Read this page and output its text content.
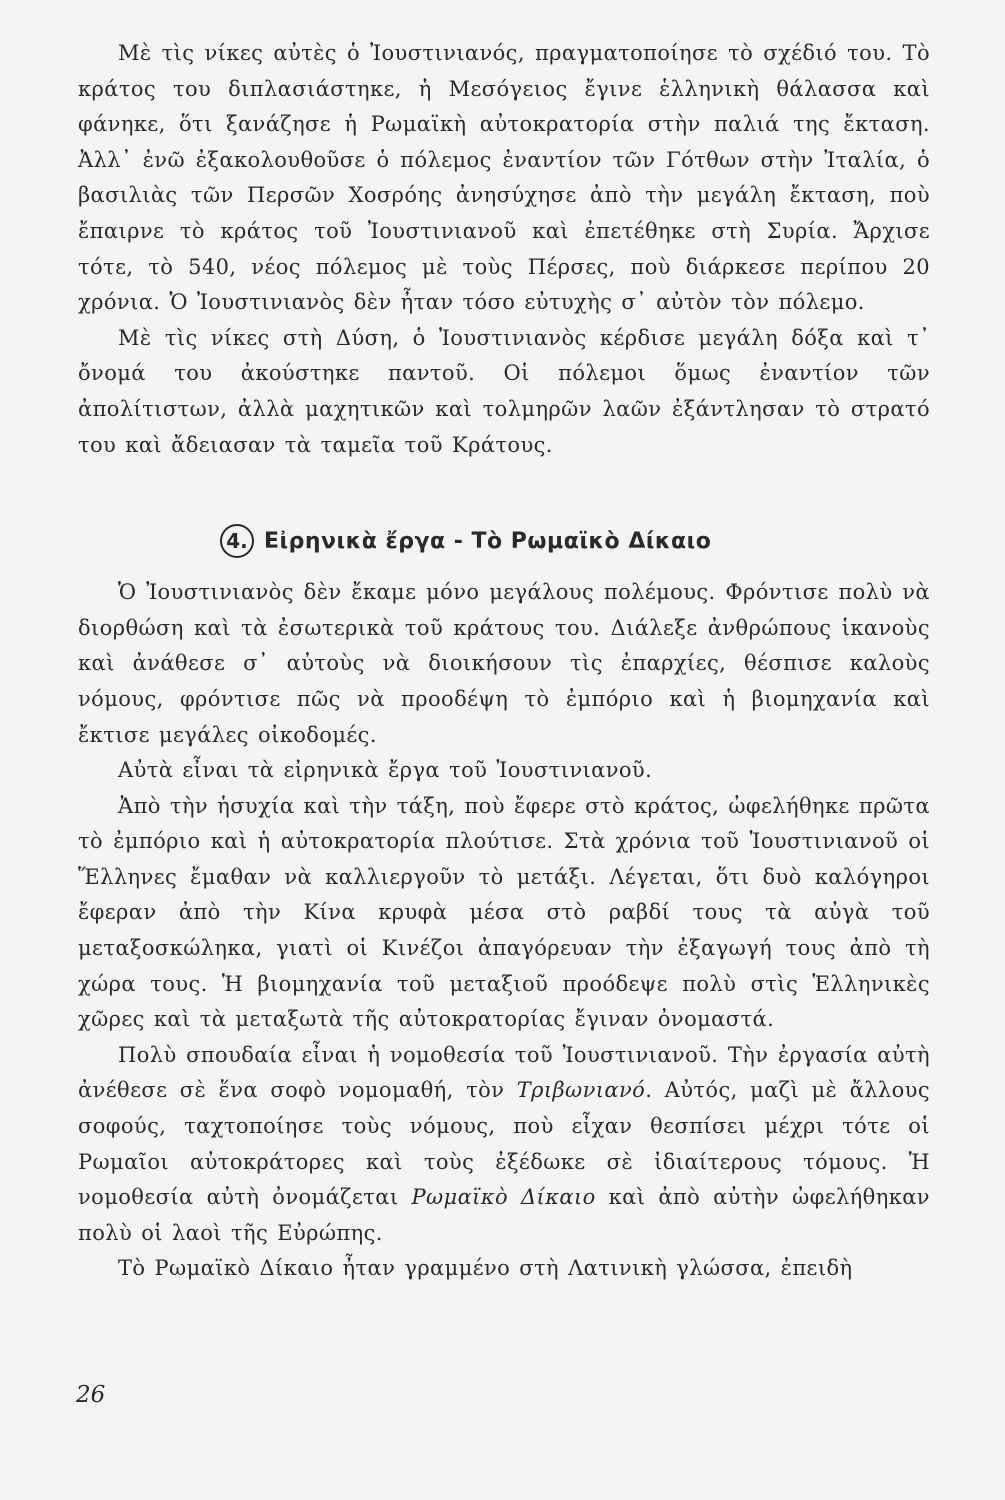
Μὲ τὶς νίκες αὐτὲς ὁ Ἰουστινιανός, πραγματοποίησε τὸ σχέδιό του. Τὸ κράτος του διπλασιάστηκε, ἡ Μεσόγειος ἔγινε ἑλληνικὴ θάλασσα καὶ φάνηκε, ὅτι ξανάζησε ἡ Ρωμαϊκὴ αὐτοκρατορία στὴν παλιά της ἔκταση. Ἀλλ᾿ ἐνῶ ἐξακολουθοῦσε ὁ πόλεμος ἐναντίον τῶν Γότθων στὴν Ἰταλία, ὁ βασιλιὰς τῶν Περσῶν Χοσρόης ἀνησύχησε ἀπὸ τὴν μεγάλη ἔκταση, ποὺ ἔπαιρνε τὸ κράτος τοῦ Ἰουστινιανοῦ καὶ ἐπετέθηκε στὴ Συρία. Ἄρχισε τότε, τὸ 540, νέος πόλεμος μὲ τοὺς Πέρσες, ποὺ διάρκεσε περίπου 20 χρόνια. Ὁ Ἰουστινιανὸς δὲν ἦταν τόσο εὐτυχὴς σ᾿ αὐτὸν τὸν πόλεμο.

Μὲ τὶς νίκες στὴ Δύση, ὁ Ἰουστινιανὸς κέρδισε μεγάλη δόξα καὶ τ᾿ ὄνομά του ἀκούστηκε παντοῦ. Οἱ πόλεμοι ὅμως ἐναντίον τῶν ἀπολίτιστων, ἀλλὰ μαχητικῶν καὶ τολμηρῶν λαῶν ἐξάντλησαν τὸ στρατό του καὶ ἄδειασαν τὰ ταμεῖα τοῦ Κράτους.

4. Εἰρηνικὰ ἔργα - Τὸ Ρωμαϊκὸ Δίκαιο

Ὁ Ἰουστινιανὸς δὲν ἔκαμε μόνο μεγάλους πολέμους. Φρόντισε πολὺ νὰ διορθώση καὶ τὰ ἐσωτερικὰ τοῦ κράτους του. Διάλεξε ἀνθρώπους ἱκανοὺς καὶ ἀνάθεσε σ᾿ αὐτοὺς νὰ διοικήσουν τὶς ἐπαρχίες, θέσπισε καλοὺς νόμους, φρόντισε πῶς νὰ προοδέψη τὸ ἐμπόριο καὶ ἡ βιομηχανία καὶ ἔκτισε μεγάλες οἰκοδομές.

Αὐτὰ εἶναι τὰ εἰρηνικὰ ἔργα τοῦ Ἰουστινιανοῦ.

Ἀπὸ τὴν ἡσυχία καὶ τὴν τάξη, ποὺ ἔφερε στὸ κράτος, ὠφελήθηκε πρῶτα τὸ ἐμπόριο καὶ ἡ αὐτοκρατορία πλούτισε. Στὰ χρόνια τοῦ Ἰουστινιανοῦ οἱ Ἕλληνες ἔμαθαν νὰ καλλιεργοῦν τὸ μετάξι. Λέγεται, ὅτι δυὸ καλόγηροι ἔφεραν ἀπὸ τὴν Κίνα κρυφὰ μέσα στὸ ραβδί τους τὰ αὐγὰ τοῦ μεταξοσκώληκα, γιατὶ οἱ Κινέζοι ἀπαγόρευαν τὴν ἐξαγωγή τους ἀπὸ τὴ χώρα τους. Ἡ βιομηχανία τοῦ μεταξιοῦ προόδεψε πολὺ στὶς Ἑλληνικὲς χῶρες καὶ τὰ μεταξωτὰ τῆς αὐτοκρατορίας ἔγιναν ὀνομαστά.

Πολὺ σπουδαία εἶναι ἡ νομοθεσία τοῦ Ἰουστινιανοῦ. Τὴν ἐργασία αὐτὴ ἀνέθεσε σὲ ἕνα σοφὸ νομομαθή, τὸν Τριβωνιανό. Αὐτός, μαζὶ μὲ ἄλλους σοφούς, ταχτοποίησε τοὺς νόμους, ποὺ εἶχαν θεσπίσει μέχρι τότε οἱ Ρωμαῖοι αὐτοκράτορες καὶ τοὺς ἐξέδωκε σὲ ἰδιαίτερους τόμους. Ἡ νομοθεσία αὐτὴ ὀνομάζεται Ρωμαϊκὸ Δίκαιο καὶ ἀπὸ αὐτὴν ὠφελήθηκαν πολὺ οἱ λαοὶ τῆς Εὐρώπης.

Τὸ Ρωμαϊκὸ Δίκαιο ἦταν γραμμένο στὴ Λατινικὴ γλώσσα, ἐπειδὴ

26
